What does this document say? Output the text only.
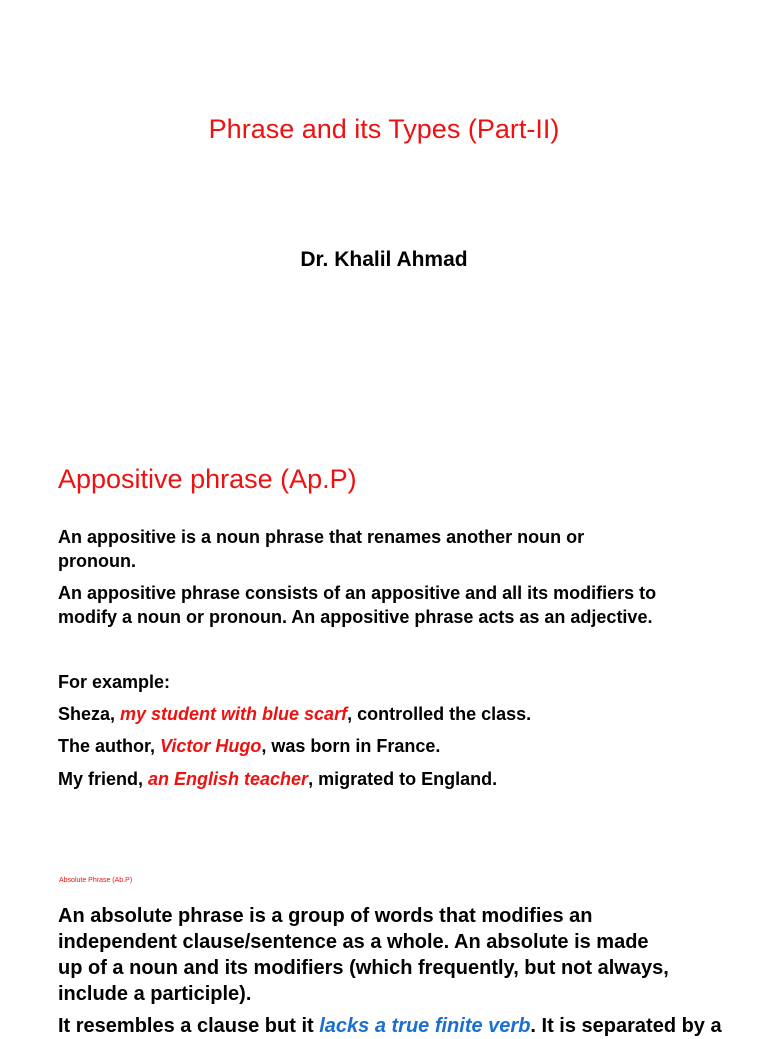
Phrase and its Types (Part-II)
Dr. Khalil Ahmad
Appositive phrase (Ap.P)
An appositive is a noun phrase that renames another noun or
pronoun.
An appositive phrase consists of an appositive and all its modifiers to
modify a noun or pronoun. An appositive phrase acts as an adjective.
For example:
Sheza, my student with blue scarf, controlled the class.
The author, Victor Hugo, was born in France.
My friend, an English teacher, migrated to England.
Absolute Phrase (Ab.P)
An absolute phrase is a group of words that modifies an
independent clause/sentence as a whole. An absolute is made
up of a noun and its modifiers (which frequently, but not always,
include a participle).
It resembles a clause but it lacks a true finite verb. It is separated by a
